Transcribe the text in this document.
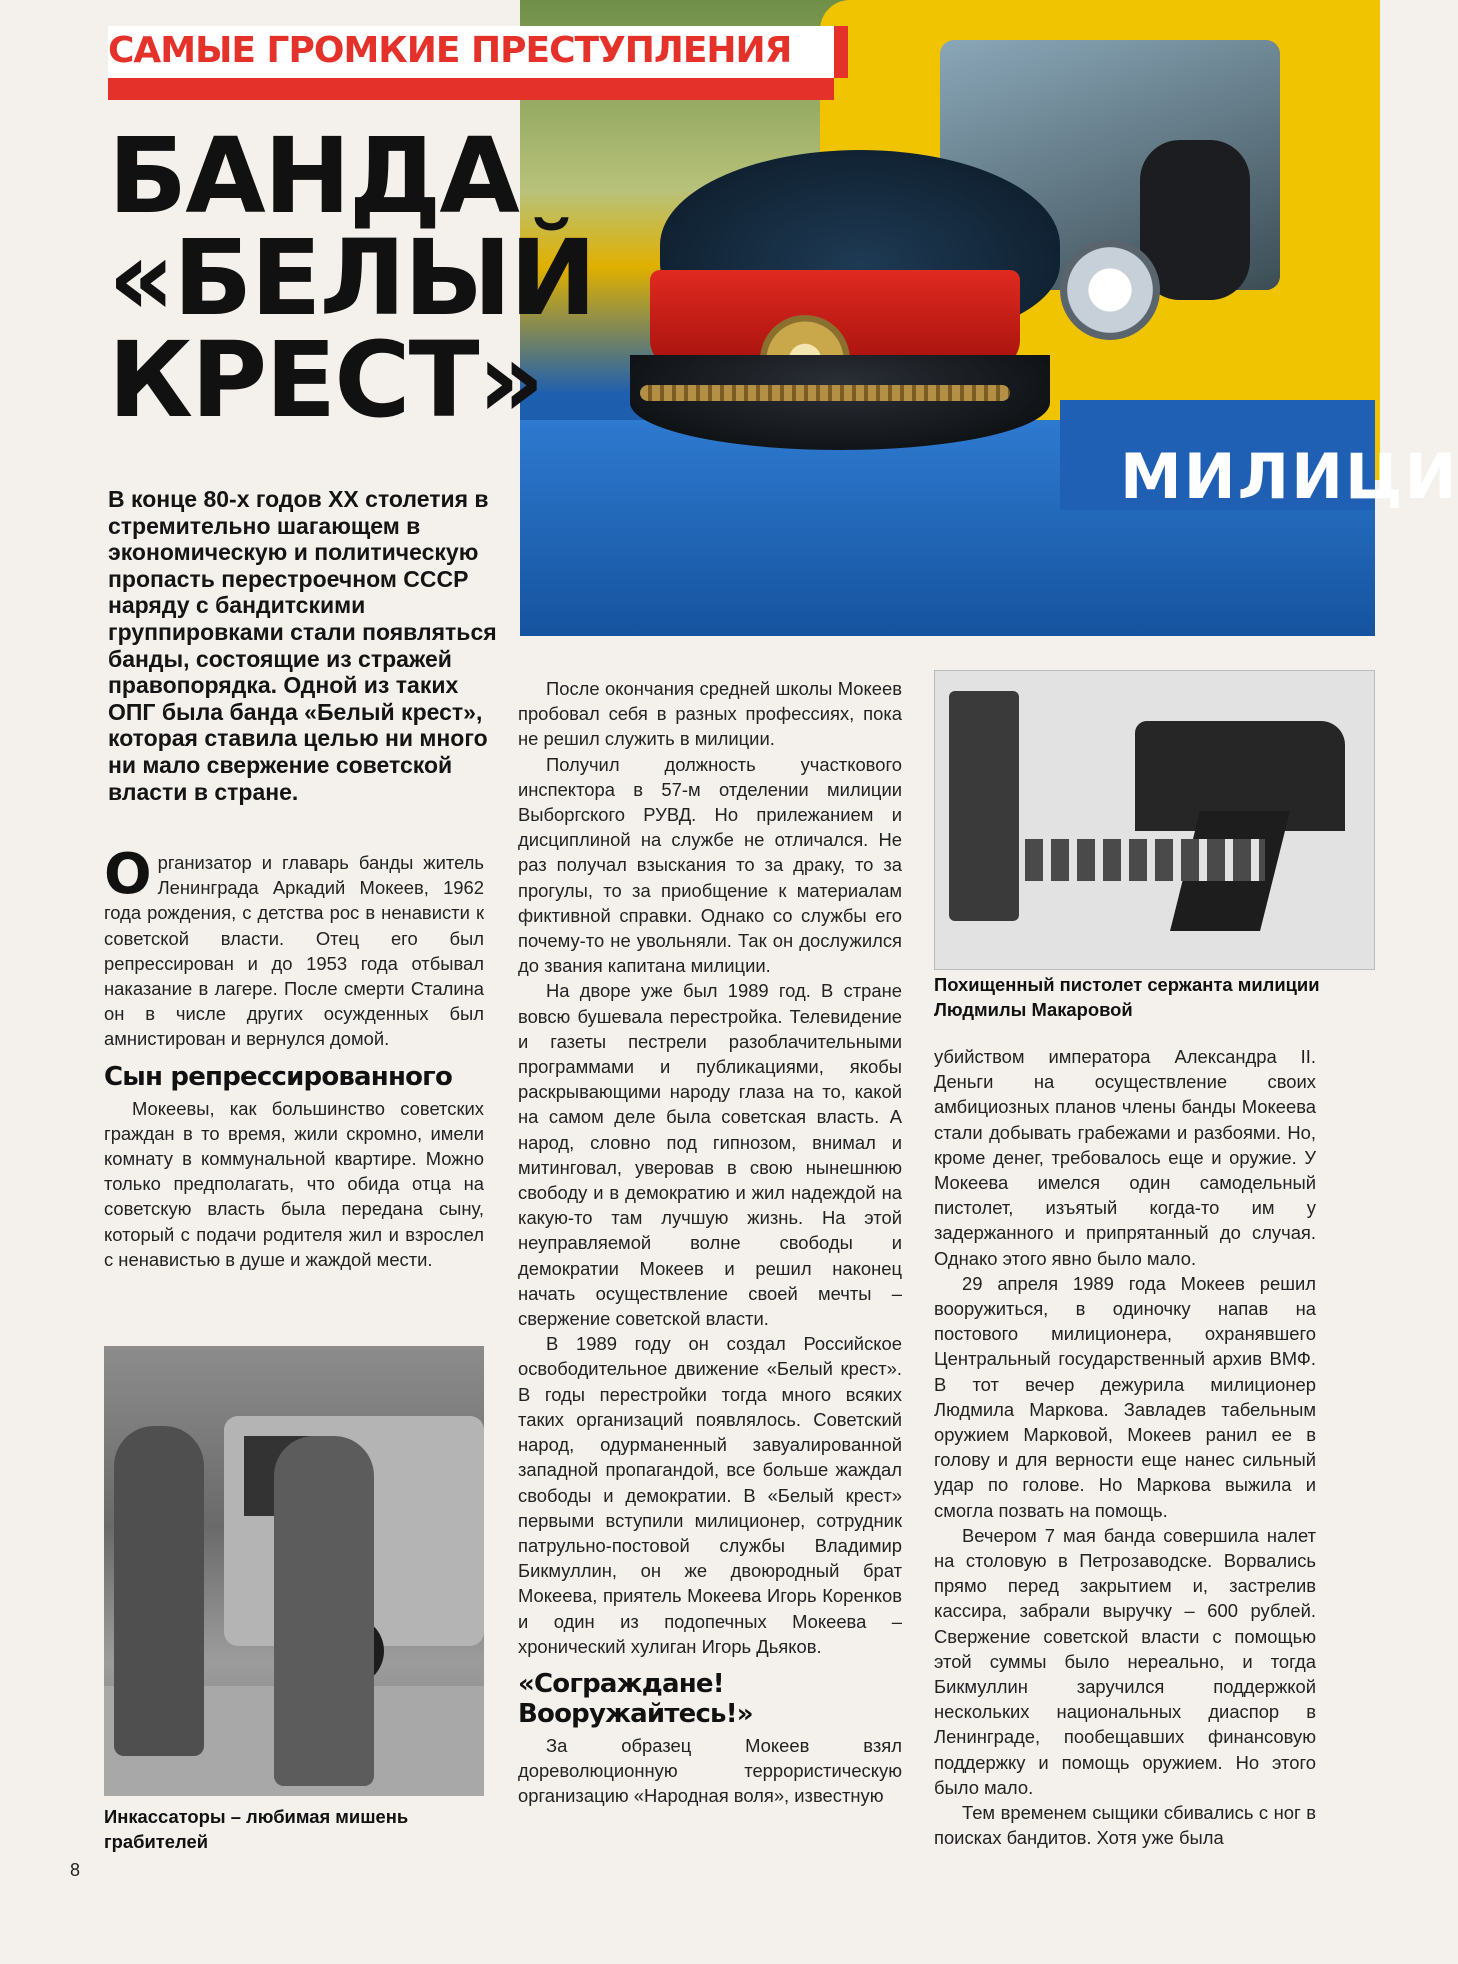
МИЛИЦИ
САМЫЕ ГРОМКИЕ ПРЕСТУПЛЕНИЯ
БАНДА
«БЕЛЫЙ
КРЕСТ»

В конце 80-х годов XX столетия в стремительно шагающем в экономическую и политическую пропасть перестроечном СССР наряду с бандитскими группировками стали появляться банды, состоящие из стражей правопорядка. Одной из таких ОПГ была банда «Белый крест», которая ставила целью ни много ни мало свержение советской власти в стране.

Организатор и главарь банды житель Ленинграда Аркадий Мокеев, 1962 года рождения, с детства рос в ненависти к советской власти. Отец его был репрессирован и до 1953 года отбывал наказание в лагере. После смерти Сталина он в числе других осужденных был амнистирован и вернулся домой.

Сын репрессированного

Мокеевы, как большинство советских граждан в то время, жили скромно, имели комнату в коммунальной квартире. Можно только предполагать, что обида отца на советскую власть была передана сыну, который с подачи родителя жил и взрослел с ненавистью в душе и жаждой мести.

Инкассаторы – любимая мишень грабителей

После окончания средней школы Мокеев пробовал себя в разных профессиях, пока не решил служить в милиции.

Получил должность участкового инспектора в 57-м отделении милиции Выборгского РУВД. Но прилежанием и дисциплиной на службе не отличался. Не раз получал взыскания то за драку, то за прогулы, то за приобщение к материалам фиктивной справки. Однако со службы его почему-то не увольняли. Так он дослужился до звания капитана милиции.

На дворе уже был 1989 год. В стране вовсю бушевала перестройка. Телевидение и газеты пестрели разоблачительными программами и публикациями, якобы раскрывающими народу глаза на то, какой на самом деле была советская власть. А народ, словно под гипнозом, внимал и митинговал, уверовав в свою нынешнюю свободу и в демократию и жил надеждой на какую-то там лучшую жизнь. На этой неуправляемой волне свободы и демократии Мокеев и решил наконец начать осуществление своей мечты – свержение советской власти.

В 1989 году он создал Российское освободительное движение «Белый крест». В годы перестройки тогда много всяких таких организаций появлялось. Советский народ, одурманенный завуалированной западной пропагандой, все больше жаждал свободы и демократии. В «Белый крест» первыми вступили милиционер, сотрудник патрульно-постовой службы Владимир Бикмуллин, он же двоюродный брат Мокеева, приятель Мокеева Игорь Коренков и один из подопечных Мокеева – хронический хулиган Игорь Дьяков.

«Сограждане! Вооружайтесь!»

За образец Мокеев взял дореволюционную террористическую организацию «Народная воля», известную

Похищенный пистолет сержанта милиции Людмилы Макаровой

убийством императора Александра II. Деньги на осуществление своих амбициозных планов члены банды Мокеева стали добывать грабежами и разбоями. Но, кроме денег, требовалось еще и оружие. У Мокеева имелся один самодельный пистолет, изъятый когда-то им у задержанного и припрятанный до случая. Однако этого явно было мало.

29 апреля 1989 года Мокеев решил вооружиться, в одиночку напав на постового милиционера, охранявшего Центральный государственный архив ВМФ. В тот вечер дежурила милиционер Людмила Маркова. Завладев табельным оружием Марковой, Мокеев ранил ее в голову и для верности еще нанес сильный удар по голове. Но Маркова выжила и смогла позвать на помощь.

Вечером 7 мая банда совершила налет на столовую в Петрозаводске. Ворвались прямо перед закрытием и, застрелив кассира, забрали выручку – 600 рублей. Свержение советской власти с помощью этой суммы было нереально, и тогда Бикмуллин заручился поддержкой нескольких национальных диаспор в Ленинграде, пообещавших финансовую поддержку и помощь оружием. Но этого было мало.

Тем временем сыщики сбивались с ног в поисках бандитов. Хотя уже была

8
